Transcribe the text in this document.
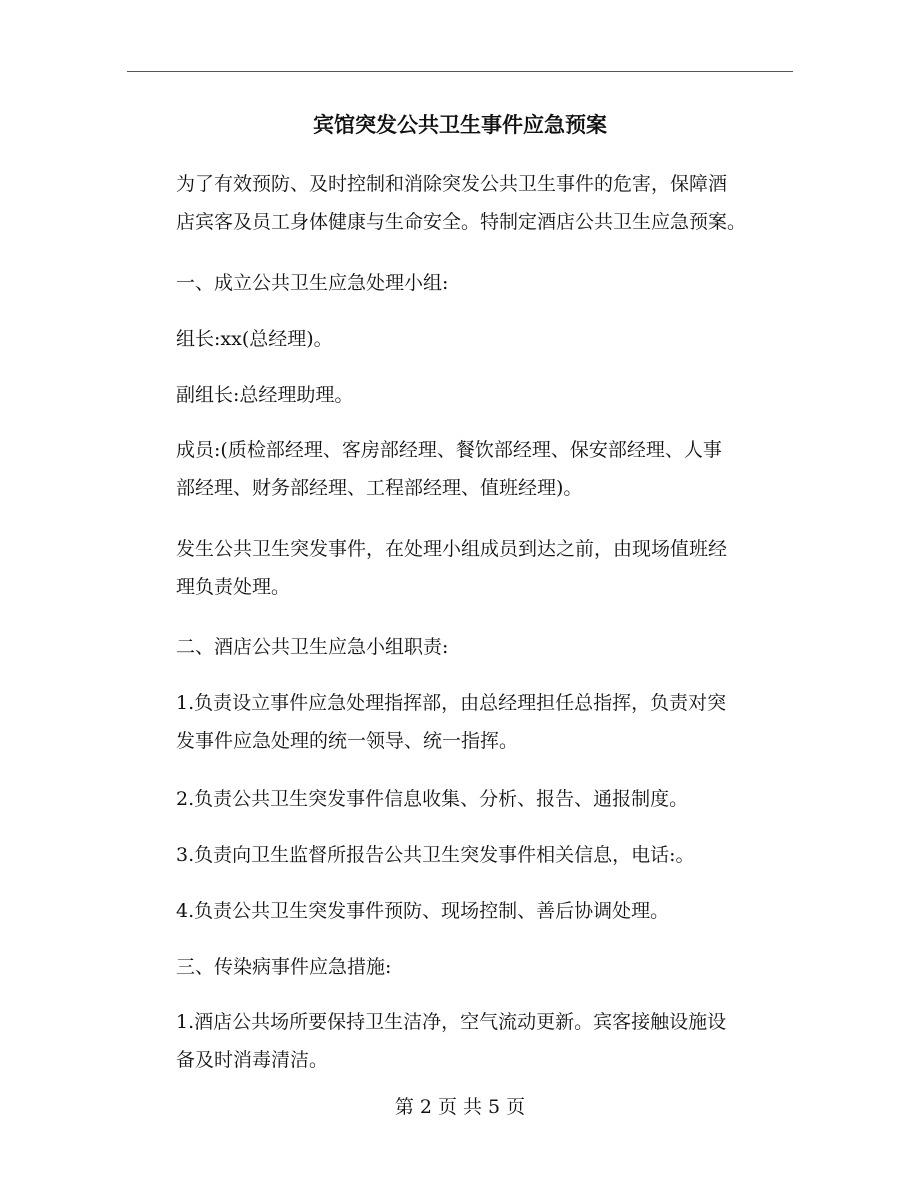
宾馆突发公共卫生事件应急预案

为了有效预防、及时控制和消除突发公共卫生事件的危害，保障酒
店宾客及员工身体健康与生命安全。特制定酒店公共卫生应急预案。

一、成立公共卫生应急处理小组:

组长:xx(总经理)。

副组长:总经理助理。

成员:(质检部经理、客房部经理、餐饮部经理、保安部经理、人事
部经理、财务部经理、工程部经理、值班经理)。

发生公共卫生突发事件，在处理小组成员到达之前，由现场值班经
理负责处理。

二、酒店公共卫生应急小组职责:

1.负责设立事件应急处理指挥部，由总经理担任总指挥，负责对突
发事件应急处理的统一领导、统一指挥。

2.负责公共卫生突发事件信息收集、分析、报告、通报制度。

3.负责向卫生监督所报告公共卫生突发事件相关信息，电话:。

4.负责公共卫生突发事件预防、现场控制、善后协调处理。

三、传染病事件应急措施:

1.酒店公共场所要保持卫生洁净，空气流动更新。宾客接触设施设
备及时消毒清洁。

第 2 页 共 5 页
